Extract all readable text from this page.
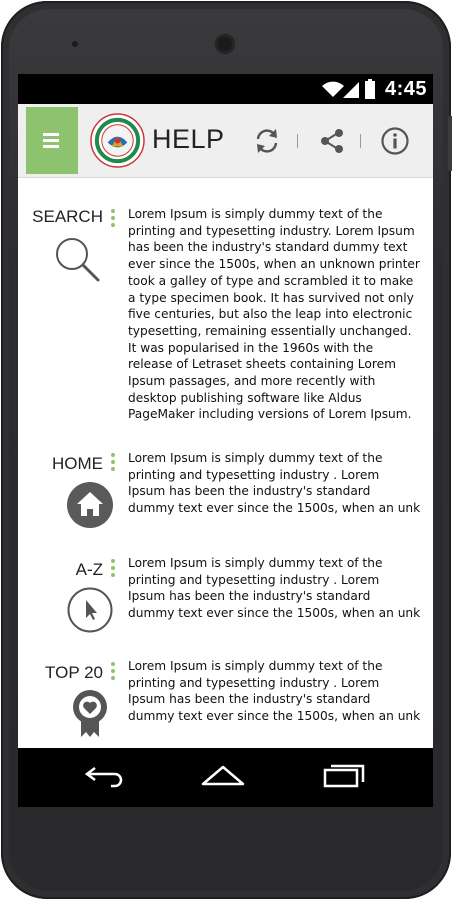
4:45
HELP
SEARCH Lorem Ipsum is simply dummy text of the
printing and typesetting industry. Lorem Ipsum
has been the industry's standard dummy text
ever since the 1500s, when an unknown printer
took a galley of type and scrambled it to make
a type specimen book. It has survived not only
five centuries, but also the leap into electronic
typesetting, remaining essentially unchanged.
It was popularised in the 1960s with the
release of Letraset sheets containing Lorem
Ipsum passages, and more recently with
desktop publishing software like Aldus
PageMaker including versions of Lorem Ipsum.

HOME Lorem Ipsum is simply dummy text of the
printing and typesetting industry . Lorem
Ipsum has been the industry's standard
dummy text ever since the 1500s, when an unk

A-Z Lorem Ipsum is simply dummy text of the
printing and typesetting industry . Lorem
Ipsum has been the industry's standard
dummy text ever since the 1500s, when an unk

TOP 20 Lorem Ipsum is simply dummy text of the
printing and typesetting industry . Lorem
Ipsum has been the industry's standard
dummy text ever since the 1500s, when an unk
